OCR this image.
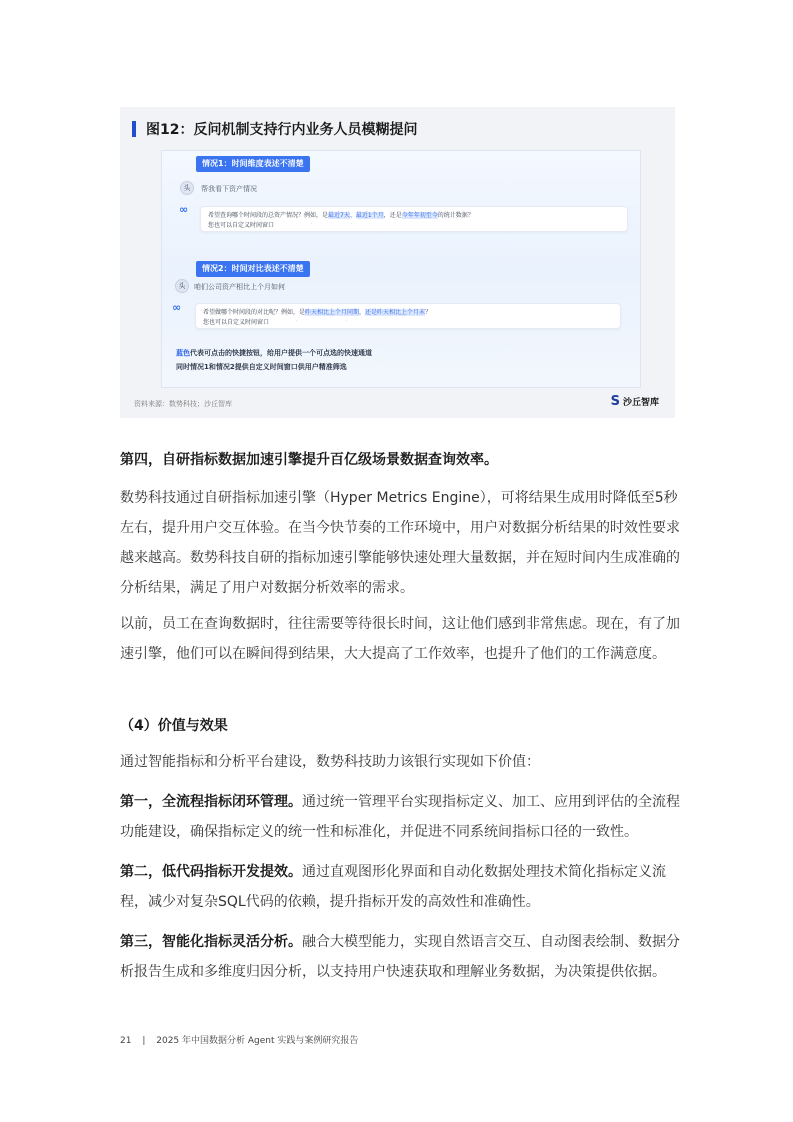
图12：反问机制支持行内业务人员模糊提问
情况1：时间维度表述不清楚
头	帮我看下资产情况
∞	希望查询哪个时间段的总资产情况？例如，是最近7天、最近1个月，还是今年年初至今的统计数据？
您也可以自定义时间窗口	·	·
情况2：时间对比表述不清楚
头	咱们公司资产相比上个月如何
∞	希望做哪个时间段的对比呢？例如，是昨天相比上个月同期，还是昨天相比上个月末？
您也可以自定义时间窗口	·	·
蓝色代表可点击的快捷按钮，给用户提供一个可点选的快速通道
同时情况1和情况2提供自定义时间窗口供用户精准筛选
资料来源：数势科技；沙丘智库	S 沙丘智库
第四，自研指标数据加速引擎提升百亿级场景数据查询效率。

数势科技通过自研指标加速引擎（Hyper Metrics Engine），可将结果生成用时降低至5秒左右，提升用户交互体验。在当今快节奏的工作环境中，用户对数据分析结果的时效性要求越来越高。数势科技自研的指标加速引擎能够快速处理大量数据，并在短时间内生成准确的分析结果，满足了用户对数据分析效率的需求。

以前，员工在查询数据时，往往需要等待很长时间，这让他们感到非常焦虑。现在，有了加速引擎，他们可以在瞬间得到结果，大大提高了工作效率，也提升了他们的工作满意度。

（4）价值与效果

通过智能指标和分析平台建设，数势科技助力该银行实现如下价值：

第一，全流程指标闭环管理。通过统一管理平台实现指标定义、加工、应用到评估的全流程功能建设，确保指标定义的统一性和标准化，并促进不同系统间指标口径的一致性。

第二，低代码指标开发提效。通过直观图形化界面和自动化数据处理技术简化指标定义流程，减少对复杂SQL代码的依赖，提升指标开发的高效性和准确性。

第三，智能化指标灵活分析。融合大模型能力，实现自然语言交互、自动图表绘制、数据分析报告生成和多维度归因分析，以支持用户快速获取和理解业务数据，为决策提供依据。

21 | 2025 年中国数据分析 Agent 实践与案例研究报告
